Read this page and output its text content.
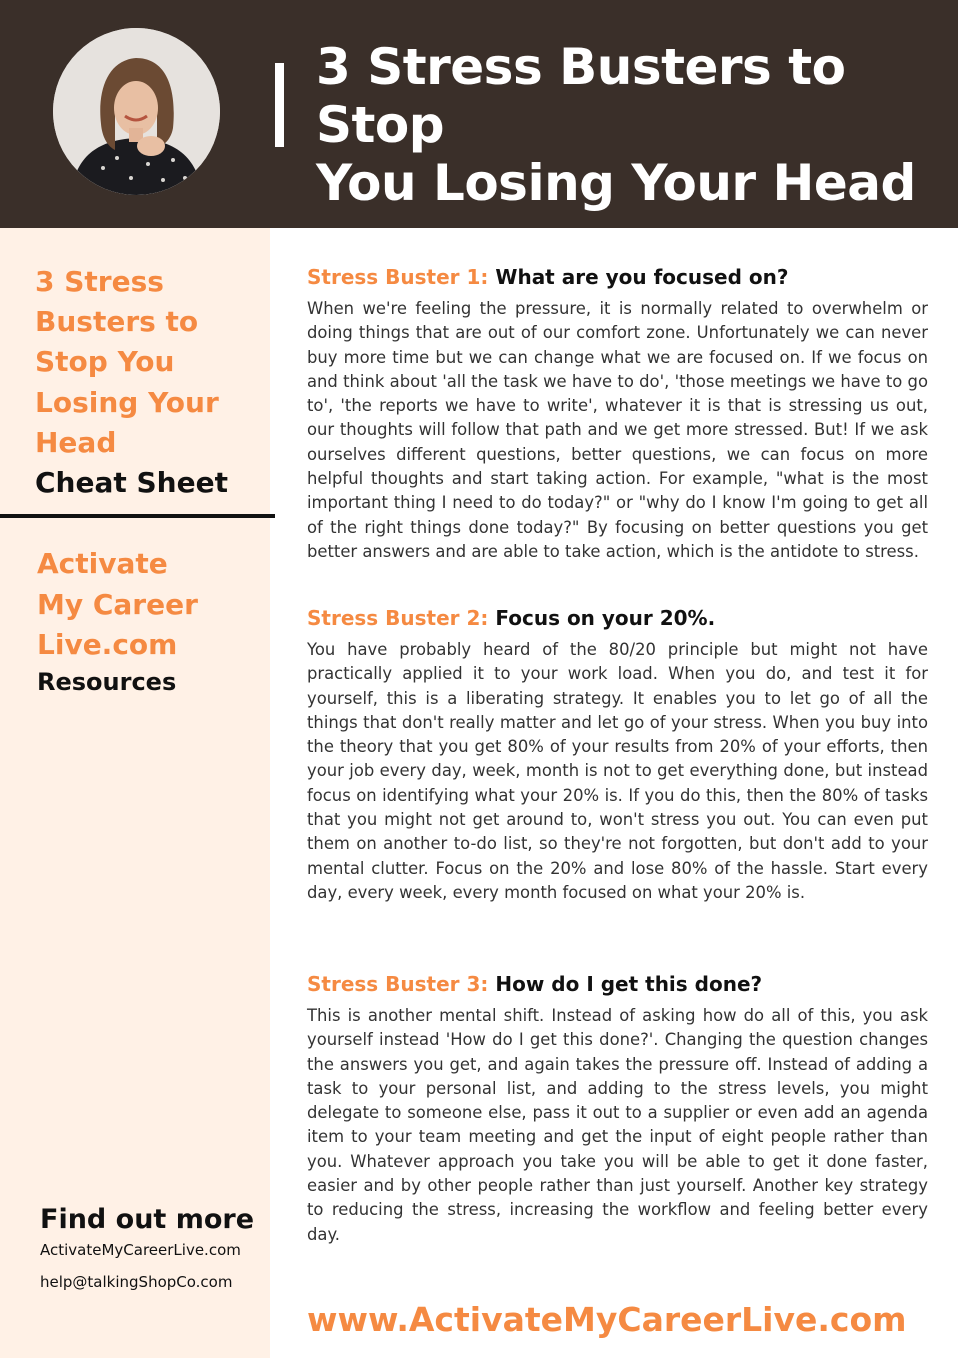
3 Stress Busters to Stop
You Losing Your Head
3 Stress
Busters to
Stop You
Losing Your
Head
Cheat Sheet
Activate
My Career
Live.com
Resources
Find out more
ActivateMyCareerLive.com
help@talkingShopCo.com
Stress Buster 1: What are you focused on?
When we're feeling the pressure, it is normally related to overwhelm or doing things that are out of our comfort zone. Unfortunately we can never buy more time but we can change what we are focused on. If we focus on and think about 'all the task we have to do', 'those meetings we have to go to', 'the reports we have to write', whatever it is that is stressing us out, our thoughts will follow that path and we get more stressed. But! If we ask ourselves different questions, better questions, we can focus on more helpful thoughts and start taking action. For example, "what is the most important thing I need to do today?" or "why do I know I'm going to get all of the right things done today?" By focusing on better questions you get better answers and are able to take action, which is the antidote to stress.
Stress Buster 2: Focus on your 20%.
You have probably heard of the 80/20 principle but might not have practically applied it to your work load. When you do, and test it for yourself, this is a liberating strategy. It enables you to let go of all the things that don't really matter and let go of your stress. When you buy into the theory that you get 80% of your results from 20% of your efforts, then your job every day, week, month is not to get everything done, but instead focus on identifying what your 20% is. If you do this, then the 80% of tasks that you might not get around to, won't stress you out. You can even put them on another to-do list, so they're not forgotten, but don't add to your mental clutter. Focus on the 20% and lose 80% of the hassle. Start every day, every week, every month focused on what your 20% is.
Stress Buster 3: How do I get this done?
This is another mental shift. Instead of asking how do all of this, you ask yourself instead 'How do I get this done?'. Changing the question changes the answers you get, and again takes the pressure off. Instead of adding a task to your personal list, and adding to the stress levels, you might delegate to someone else, pass it out to a supplier or even add an agenda item to your team meeting and get the input of eight people rather than you. Whatever approach you take you will be able to get it done faster, easier and by other people rather than just yourself. Another key strategy to reducing the stress, increasing the workflow and feeling better every day.
www.ActivateMyCareerLive.com
